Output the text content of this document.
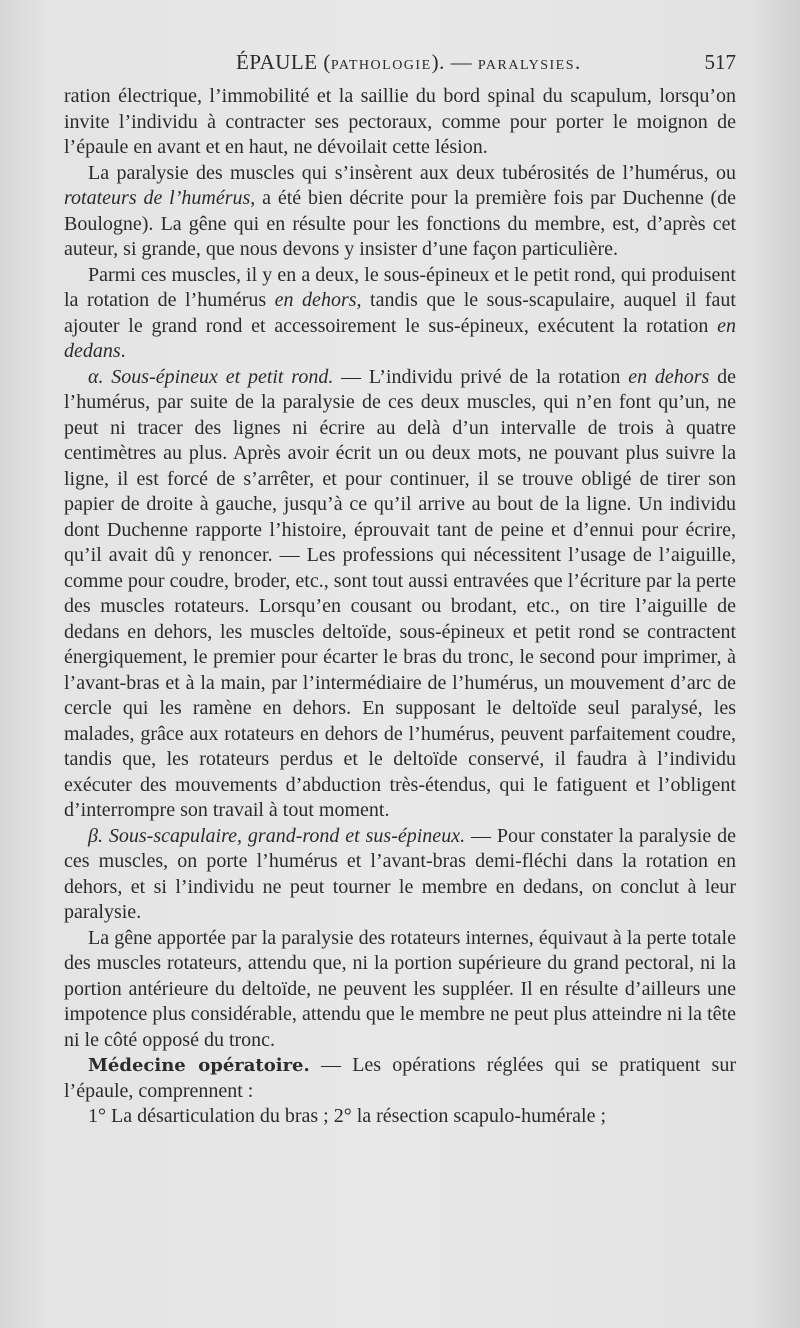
ÉPAULE (PATHOLOGIE). — PARALYSIES.	517

ration électrique, l’immobilité et la saillie du bord spinal du scapulum, lorsqu’on invite l’individu à contracter ses pectoraux, comme pour porter le moignon de l’épaule en avant et en haut, ne dévoilait cette lésion.

La paralysie des muscles qui s’insèrent aux deux tubérosités de l’humérus, ou rotateurs de l’humérus, a été bien décrite pour la première fois par Duchenne (de Boulogne). La gêne qui en résulte pour les fonctions du membre, est, d’après cet auteur, si grande, que nous devons y insister d’une façon particulière.

Parmi ces muscles, il y en a deux, le sous-épineux et le petit rond, qui produisent la rotation de l’humérus en dehors, tandis que le sous-scapulaire, auquel il faut ajouter le grand rond et accessoirement le sus-épineux, exécutent la rotation en dedans.

α. Sous-épineux et petit rond. — L’individu privé de la rotation en dehors de l’humérus, par suite de la paralysie de ces deux muscles, qui n’en font qu’un, ne peut ni tracer des lignes ni écrire au delà d’un intervalle de trois à quatre centimètres au plus. Après avoir écrit un ou deux mots, ne pouvant plus suivre la ligne, il est forcé de s’arrêter, et pour continuer, il se trouve obligé de tirer son papier de droite à gauche, jusqu’à ce qu’il arrive au bout de la ligne. Un individu dont Duchenne rapporte l’histoire, éprouvait tant de peine et d’ennui pour écrire, qu’il avait dû y renoncer. — Les professions qui nécessitent l’usage de l’aiguille, comme pour coudre, broder, etc., sont tout aussi entravées que l’écriture par la perte des muscles rotateurs. Lorsqu’en cousant ou brodant, etc., on tire l’aiguille de dedans en dehors, les muscles deltoïde, sous-épineux et petit rond se contractent énergiquement, le premier pour écarter le bras du tronc, le second pour imprimer, à l’avant-bras et à la main, par l’intermédiaire de l’humérus, un mouvement d’arc de cercle qui les ramène en dehors. En supposant le deltoïde seul paralysé, les malades, grâce aux rotateurs en dehors de l’humérus, peuvent parfaitement coudre, tandis que, les rotateurs perdus et le deltoïde conservé, il faudra à l’individu exécuter des mouvements d’abduction très-étendus, qui le fatiguent et l’obligent d’interrompre son travail à tout moment.

β. Sous-scapulaire, grand-rond et sus-épineux. — Pour constater la paralysie de ces muscles, on porte l’humérus et l’avant-bras demi-fléchi dans la rotation en dehors, et si l’individu ne peut tourner le membre en dedans, on conclut à leur paralysie.

La gêne apportée par la paralysie des rotateurs internes, équivaut à la perte totale des muscles rotateurs, attendu que, ni la portion supérieure du grand pectoral, ni la portion antérieure du deltoïde, ne peuvent les suppléer. Il en résulte d’ailleurs une impotence plus considérable, attendu que le membre ne peut plus atteindre ni la tête ni le côté opposé du tronc.

Médecine opératoire. — Les opérations réglées qui se pratiquent sur l’épaule, comprennent :

1° La désarticulation du bras ; 2° la résection scapulo-humérale ;
